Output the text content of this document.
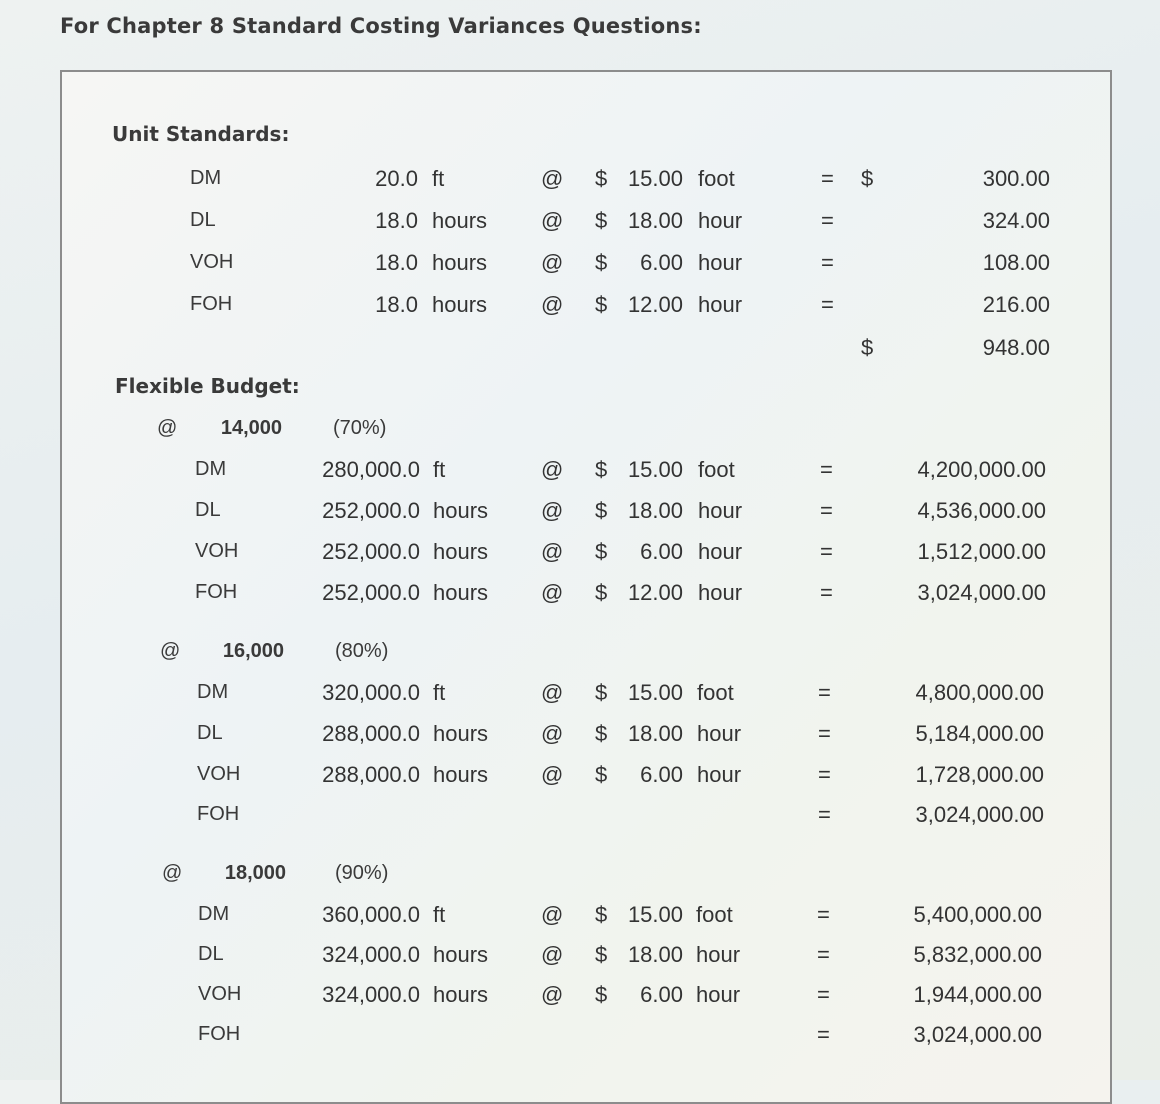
For Chapter 8 Standard Costing Variances Questions:
Unit Standards:
DM	20.0 ft	@ $ 15.00 foot	= $	300.00
DL	18.0 hours @ $ 18.00 hour	=	324.00
VOH	18.0 hours @ $	6.00 hour	=	108.00
FOH	18.0 hours @ $ 12.00 hour	=	216.00
$	948.00
Flexible Budget:
@	14,000	(70%)
DM	280,000.0 ft	@ $ 15.00 foot	=	4,200,000.00
DL	252,000.0 hours @ $ 18.00 hour	=	4,536,000.00
VOH	252,000.0 hours @ $	6.00 hour	=	1,512,000.00
FOH	252,000.0 hours @ $ 12.00 hour	=	3,024,000.00
@	16,000	(80%)
DM	320,000.0 ft	@ $ 15.00 foot	=	4,800,000.00
DL	288,000.0 hours @ $ 18.00 hour	=	5,184,000.00
VOH	288,000.0 hours @ $	6.00 hour	=	1,728,000.00
FOH	=	3,024,000.00
@	18,000 (90%)
DM	360,000.0 ft	@ $ 15.00 foot	=	5,400,000.00
DL	324,000.0 hours @ $ 18.00 hour	=	5,832,000.00
VOH	324,000.0 hours @ $	6.00 hour	=	1,944,000.00
FOH	=	3,024,000.00
